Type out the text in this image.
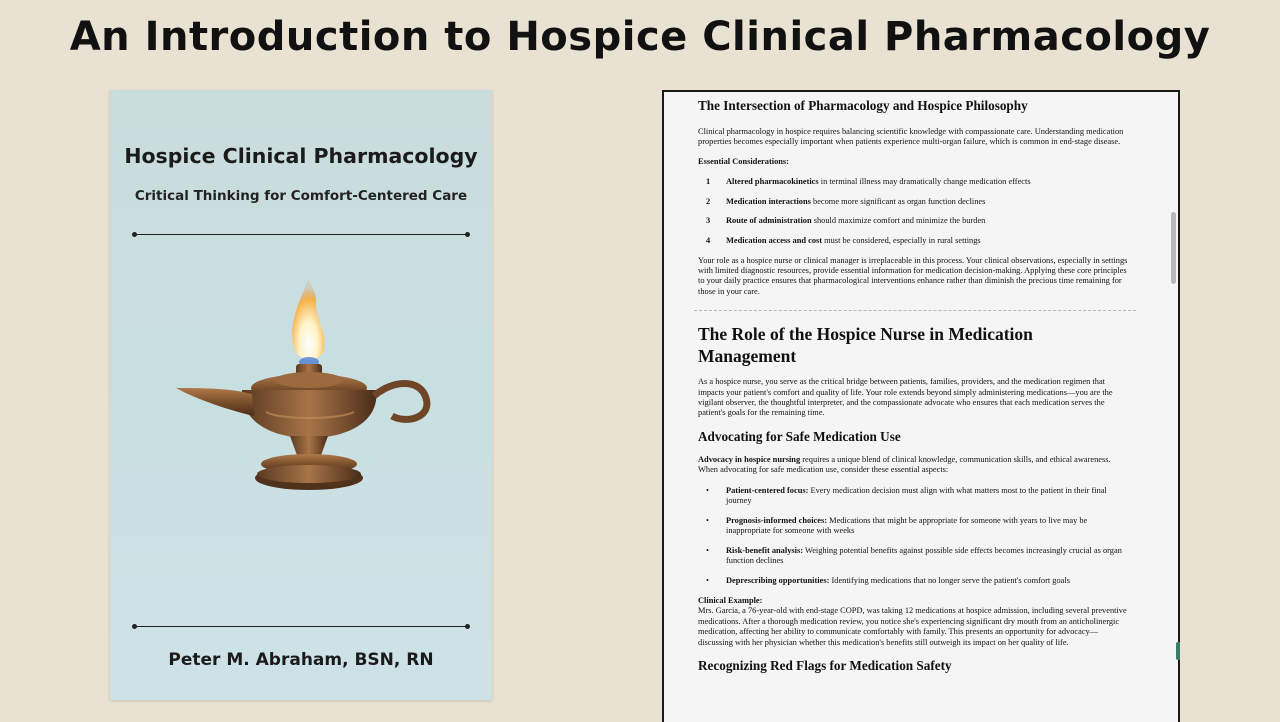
An Introduction to Hospice Clinical Pharmacology
Hospice Clinical Pharmacology
Critical Thinking for Comfort-Centered Care
Peter M. Abraham, BSN, RN
The Intersection of Pharmacology and Hospice Philosophy

Clinical pharmacology in hospice requires balancing scientific knowledge with compassionate care. Understanding medication properties becomes especially important when patients experience multi-organ failure, which is common in end-stage disease.

Essential Considerations:

1	Altered pharmacokinetics in terminal illness may dramatically change medication effects
2	Medication interactions become more significant as organ function declines
3	Route of administration should maximize comfort and minimize the burden
4	Medication access and cost must be considered, especially in rural settings

Your role as a hospice nurse or clinical manager is irreplaceable in this process. Your clinical observations, especially in settings with limited diagnostic resources, provide essential information for medication decision-making. Applying these core principles to your daily practice ensures that pharmacological interventions enhance rather than diminish the precious time remaining for those in your care.

The Role of the Hospice Nurse in Medication Management

As a hospice nurse, you serve as the critical bridge between patients, families, providers, and the medication regimen that impacts your patient's comfort and quality of life. Your role extends beyond simply administering medications—you are the vigilant observer, the thoughtful interpreter, and the compassionate advocate who ensures that each medication serves the patient's goals for the remaining time.

Advocating for Safe Medication Use

Advocacy in hospice nursing requires a unique blend of clinical knowledge, communication skills, and ethical awareness. When advocating for safe medication use, consider these essential aspects:

•	Patient-centered focus: Every medication decision must align with what matters most to the patient in their final journey
•	Prognosis-informed choices: Medications that might be appropriate for someone with years to live may be inappropriate for someone with weeks
•	Risk-benefit analysis: Weighing potential benefits against possible side effects becomes increasingly crucial as organ function declines
•	Deprescribing opportunities: Identifying medications that no longer serve the patient's comfort goals

Clinical Example:

Mrs. Garcia, a 76-year-old with end-stage COPD, was taking 12 medications at hospice admission, including several preventive medications. After a thorough medication review, you notice she's experiencing significant dry mouth from an anticholinergic medication, affecting her ability to communicate comfortably with family. This presents an opportunity for advocacy—discussing with her physician whether this medication's benefits still outweigh its impact on her quality of life.

Recognizing Red Flags for Medication Safety
